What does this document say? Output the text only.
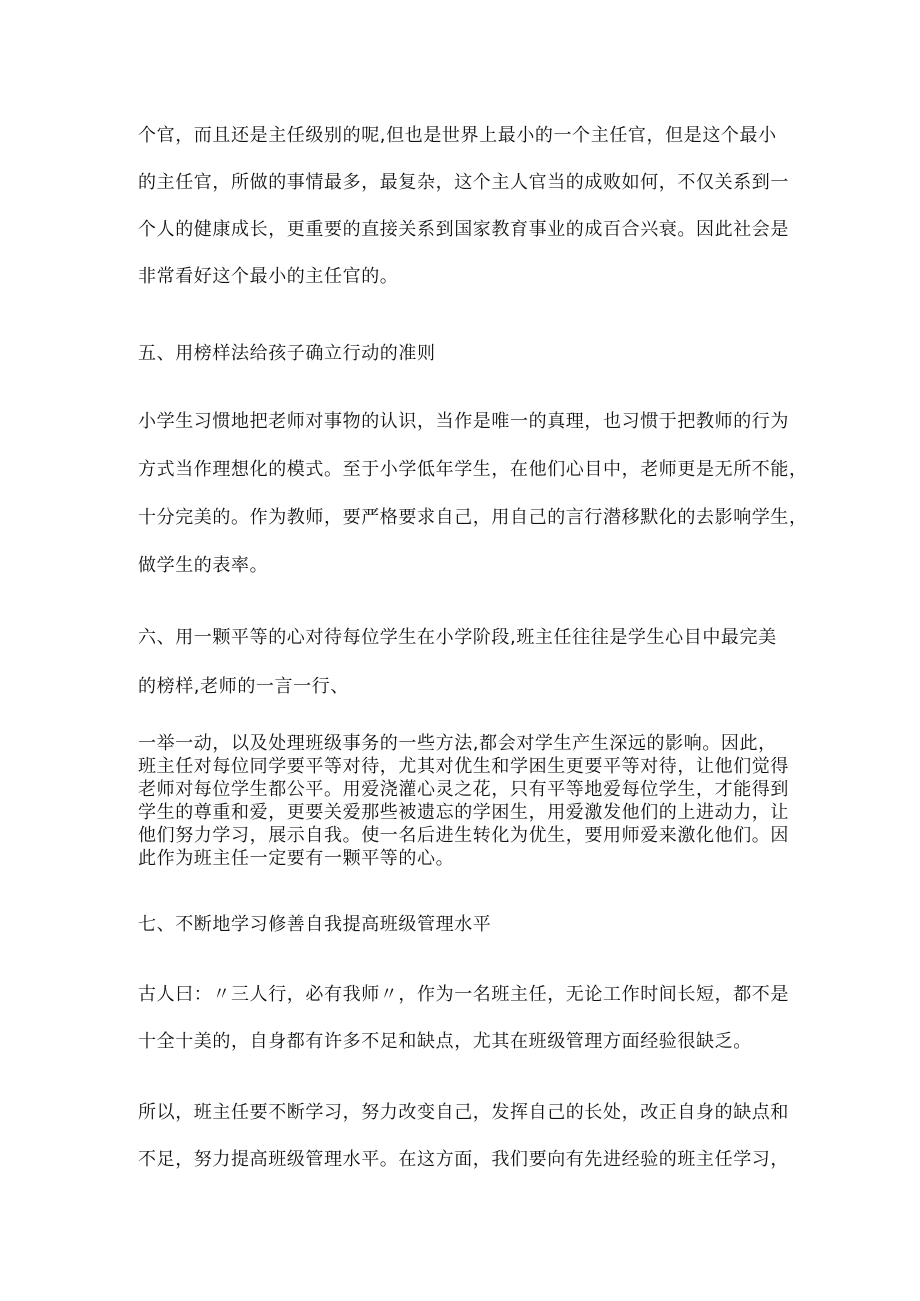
个官，而且还是主任级别的呢,但也是世界上最小的一个主任官，但是这个最小
的主任官，所做的事情最多，最复杂，这个主人官当的成败如何，不仅关系到一
个人的健康成长，更重要的直接关系到国家教育事业的成百合兴衰。因此社会是
非常看好这个最小的主任官的。
五、用榜样法给孩子确立行动的准则
小学生习惯地把老师对事物的认识，当作是唯一的真理，也习惯于把教师的行为
方式当作理想化的模式。至于小学低年学生，在他们心目中，老师更是无所不能，
十分完美的。作为教师，要严格要求自己，用自己的言行潜移默化的去影响学生，
做学生的表率。
六、用一颗平等的心对待每位学生在小学阶段,班主任往往是学生心目中最完美
的榜样,老师的一言一行、
一举一动，以及处理班级事务的一些方法,都会对学生产生深远的影响。因此，
班主任对每位同学要平等对待，尤其对优生和学困生更要平等对待，让他们觉得
老师对每位学生都公平。用爱浇灌心灵之花，只有平等地爱每位学生，才能得到
学生的尊重和爱，更要关爱那些被遗忘的学困生，用爱激发他们的上进动力，让
他们努力学习，展示自我。使一名后进生转化为优生，要用师爱来激化他们。因
此作为班主任一定要有一颗平等的心。
七、不断地学习修善自我提高班级管理水平
古人曰：〃三人行，必有我师〃，作为一名班主任，无论工作时间长短，都不是
十全十美的，自身都有许多不足和缺点，尤其在班级管理方面经验很缺乏。
所以，班主任要不断学习，努力改变自己，发挥自己的长处，改正自身的缺点和
不足，努力提高班级管理水平。在这方面，我们要向有先进经验的班主任学习，
